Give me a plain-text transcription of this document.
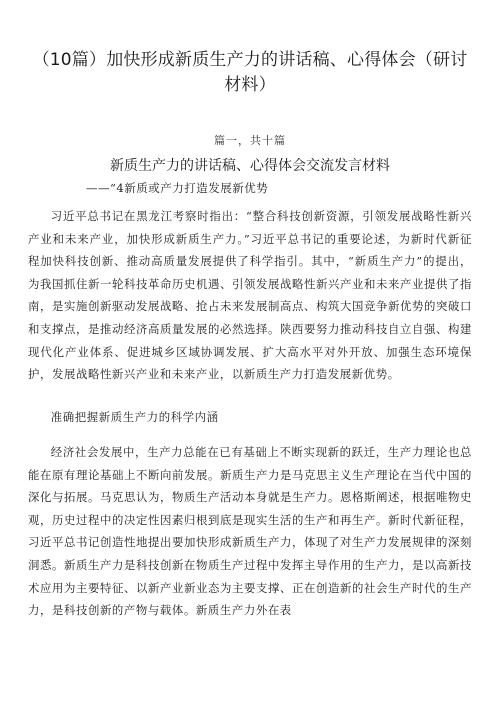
（10篇）加快形成新质生产力的讲话稿、心得体会（研讨材料）
篇一，共十篇
新质生产力的讲话稿、心得体会交流发言材料
——“4新质或产力打造发展新优势

习近平总书记在黑龙江考察时指出：“整合科技创新资源，引领发展战略性新兴产业和未来产业，加快形成新质生产力。”习近平总书记的重要论述，为新时代新征程加快科技创新、推动高质量发展提供了科学指引。其中，“新质生产力”的提出，为我国抓住新一轮科技革命历史机遇、引领发展战略性新兴产业和未来产业提供了指南，是实施创新驱动发展战略、抢占未来发展制高点、构筑大国竞争新优势的突破口和支撑点，是推动经济高质量发展的必然选择。陕西要努力推动科技自立自强、构建现代化产业体系、促进城乡区域协调发展、扩大高水平对外开放、加强生态环境保护，发展战略性新兴产业和未来产业，以新质生产力打造发展新优势。

准确把握新质生产力的科学内涵

经济社会发展中，生产力总能在已有基础上不断实现新的跃迁，生产力理论也总能在原有理论基础上不断向前发展。新质生产力是马克思主义生产理论在当代中国的深化与拓展。马克思认为，物质生产活动本身就是生产力。恩格斯阐述，根据唯物史观，历史过程中的决定性因素归根到底是现实生活的生产和再生产。新时代新征程，习近平总书记创造性地提出要加快形成新质生产力，体现了对生产力发展规律的深刻洞悉。新质生产力是科技创新在物质生产过程中发挥主导作用的生产力，是以高新技术应用为主要特征、以新产业新业态为主要支撑、正在创造新的社会生产时代的生产力，是科技创新的产物与载体。新质生产力外在表
